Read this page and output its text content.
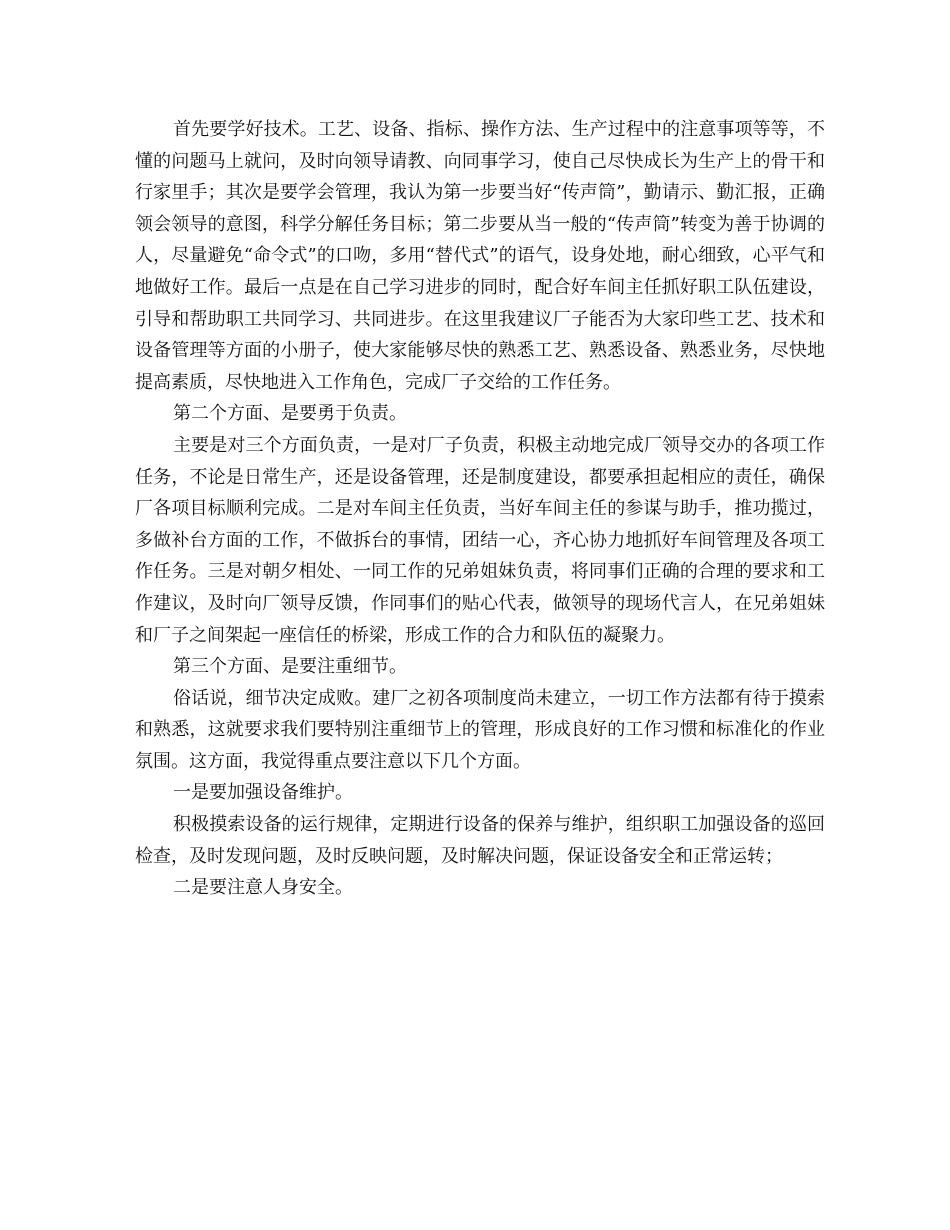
首先要学好技术。工艺、设备、指标、操作方法、生产过程中的注意事项等等，不懂的问题马上就问，及时向领导请教、向同事学习，使自己尽快成长为生产上的骨干和行家里手；其次是要学会管理，我认为第一步要当好“传声筒”，勤请示、勤汇报，正确领会领导的意图，科学分解任务目标；第二步要从当一般的“传声筒”转变为善于协调的人，尽量避免“命令式”的口吻，多用“替代式”的语气，设身处地，耐心细致，心平气和地做好工作。最后一点是在自己学习进步的同时，配合好车间主任抓好职工队伍建设，引导和帮助职工共同学习、共同进步。在这里我建议厂子能否为大家印些工艺、技术和设备管理等方面的小册子，使大家能够尽快的熟悉工艺、熟悉设备、熟悉业务，尽快地提高素质，尽快地进入工作角色，完成厂子交给的工作任务。

第二个方面、是要勇于负责。

主要是对三个方面负责，一是对厂子负责，积极主动地完成厂领导交办的各项工作任务，不论是日常生产，还是设备管理，还是制度建设，都要承担起相应的责任，确保厂各项目标顺利完成。二是对车间主任负责，当好车间主任的参谋与助手，推功揽过，多做补台方面的工作，不做拆台的事情，团结一心，齐心协力地抓好车间管理及各项工作任务。三是对朝夕相处、一同工作的兄弟姐妹负责，将同事们正确的合理的要求和工作建议，及时向厂领导反馈，作同事们的贴心代表，做领导的现场代言人，在兄弟姐妹和厂子之间架起一座信任的桥梁，形成工作的合力和队伍的凝聚力。

第三个方面、是要注重细节。

俗话说，细节决定成败。建厂之初各项制度尚未建立，一切工作方法都有待于摸索和熟悉，这就要求我们要特别注重细节上的管理，形成良好的工作习惯和标准化的作业氛围。这方面，我觉得重点要注意以下几个方面。

一是要加强设备维护。

积极摸索设备的运行规律，定期进行设备的保养与维护，组织职工加强设备的巡回检查，及时发现问题，及时反映问题，及时解决问题，保证设备安全和正常运转；

二是要注意人身安全。
